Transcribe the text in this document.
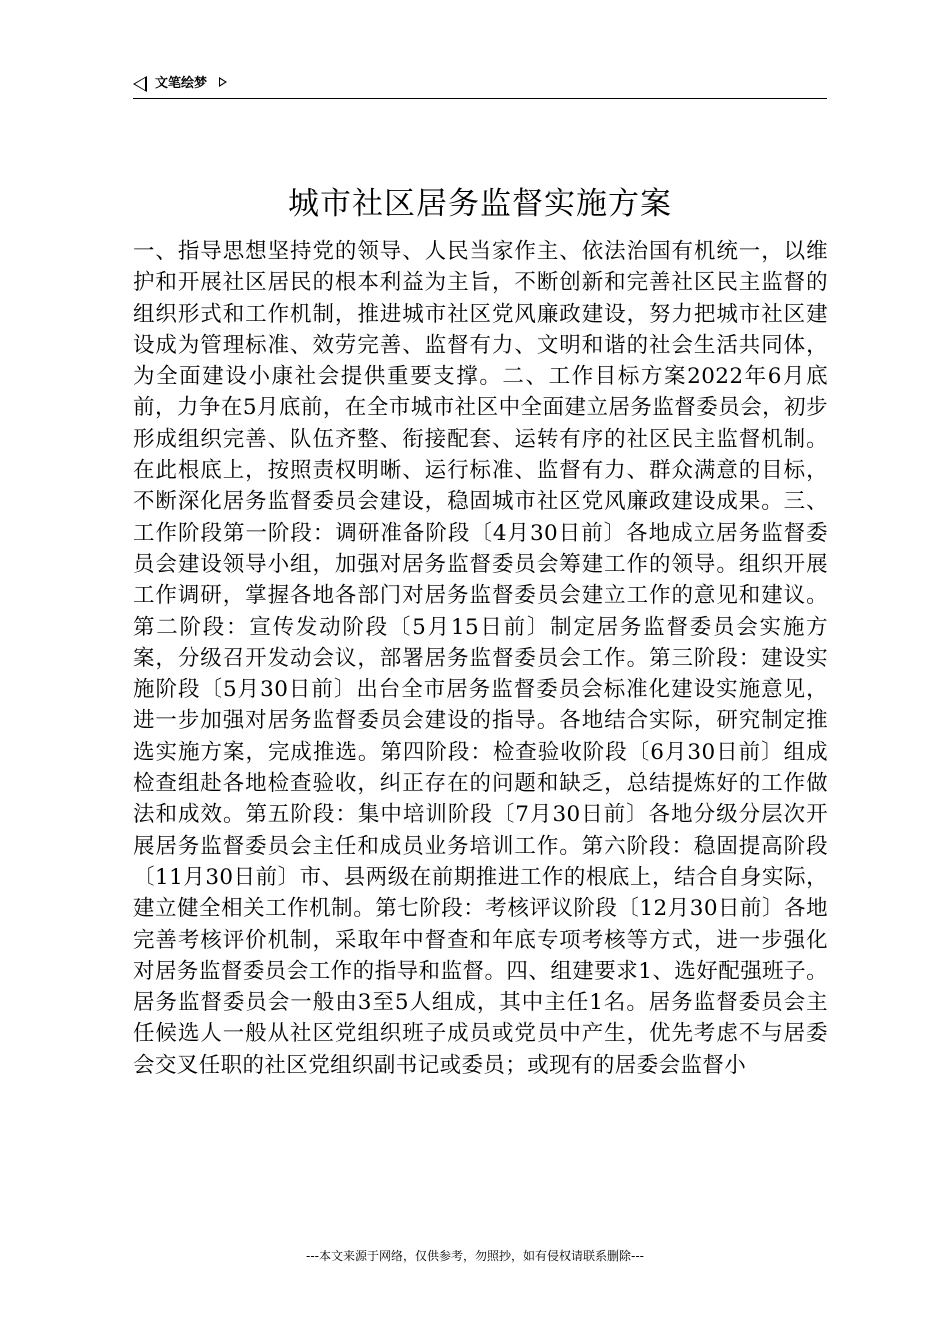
文笔绘梦
城市社区居务监督实施方案
一、指导思想坚持党的领导、人民当家作主、依法治国有机统一，以维护和开展社区居民的根本利益为主旨，不断创新和完善社区民主监督的组织形式和工作机制，推进城市社区党风廉政建设，努力把城市社区建设成为管理标准、效劳完善、监督有力、文明和谐的社会生活共同体，为全面建设小康社会提供重要支撑。二、工作目标方案2022年6月底前，力争在5月底前，在全市城市社区中全面建立居务监督委员会，初步形成组织完善、队伍齐整、衔接配套、运转有序的社区民主监督机制。在此根底上，按照责权明晰、运行标准、监督有力、群众满意的目标，不断深化居务监督委员会建设，稳固城市社区党风廉政建设成果。三、工作阶段第一阶段：调研准备阶段〔4月30日前〕各地成立居务监督委员会建设领导小组，加强对居务监督委员会筹建工作的领导。组织开展工作调研，掌握各地各部门对居务监督委员会建立工作的意见和建议。第二阶段：宣传发动阶段〔5月15日前〕制定居务监督委员会实施方案，分级召开发动会议，部署居务监督委员会工作。第三阶段：建设实施阶段〔5月30日前〕出台全市居务监督委员会标准化建设实施意见，进一步加强对居务监督委员会建设的指导。各地结合实际，研究制定推选实施方案，完成推选。第四阶段：检查验收阶段〔6月30日前〕组成检查组赴各地检查验收，纠正存在的问题和缺乏，总结提炼好的工作做法和成效。第五阶段：集中培训阶段〔7月30日前〕各地分级分层次开展居务监督委员会主任和成员业务培训工作。第六阶段：稳固提高阶段〔11月30日前〕市、县两级在前期推进工作的根底上，结合自身实际，建立健全相关工作机制。第七阶段：考核评议阶段〔12月30日前〕各地完善考核评价机制，采取年中督查和年底专项考核等方式，进一步强化对居务监督委员会工作的指导和监督。四、组建要求1、选好配强班子。居务监督委员会一般由3至5人组成，其中主任1名。居务监督委员会主任候选人一般从社区党组织班子成员或党员中产生，优先考虑不与居委会交叉任职的社区党组织副书记或委员；或现有的居委会监督小
---本文来源于网络，仅供参考，勿照抄，如有侵权请联系删除---
